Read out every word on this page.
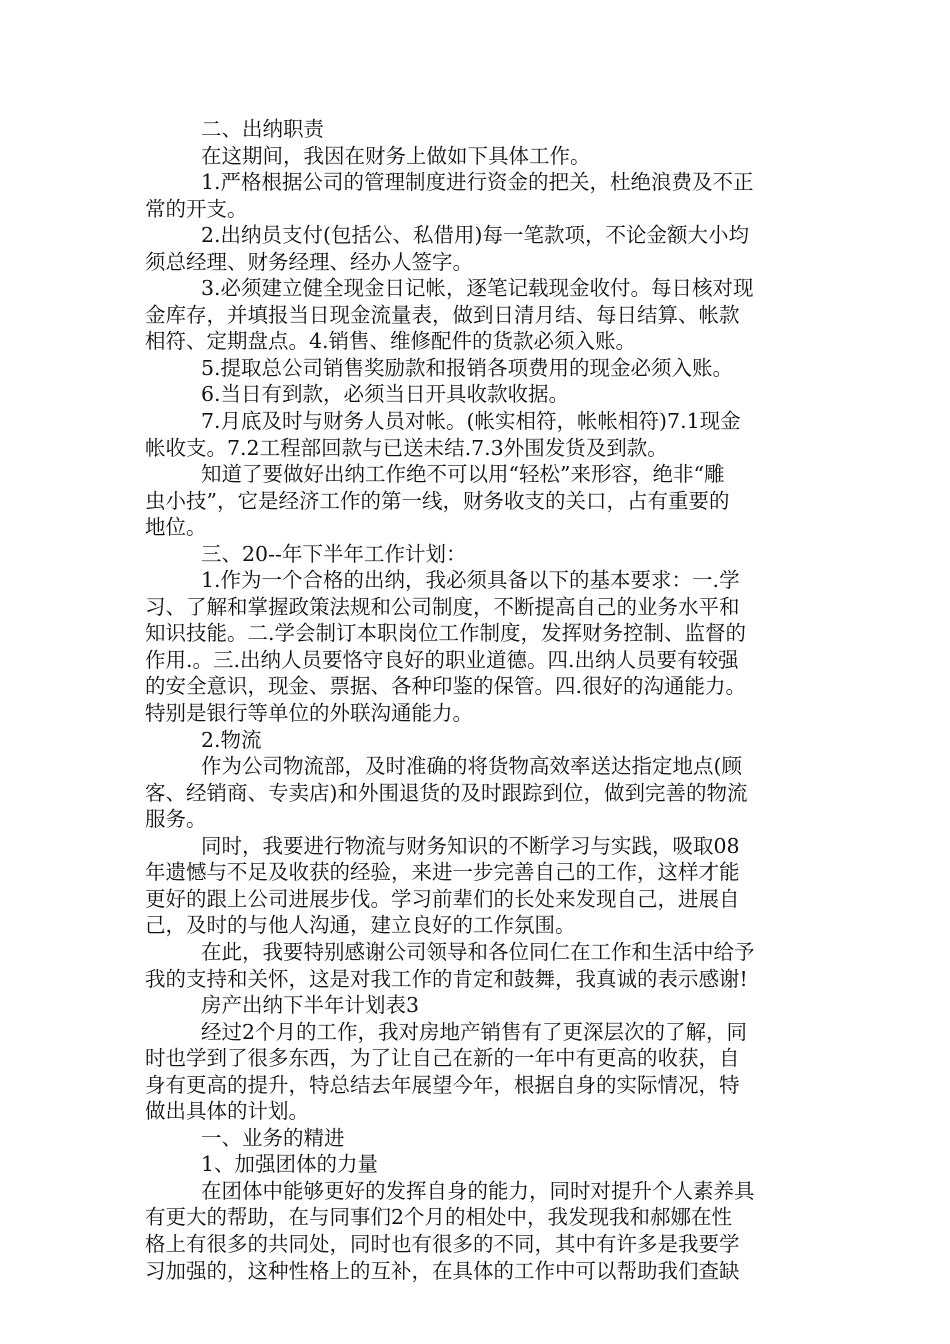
二、出纳职责
在这期间，我因在财务上做如下具体工作。
1.严格根据公司的管理制度进行资金的把关，杜绝浪费及不正
常的开支。
2.出纳员支付(包括公、私借用)每一笔款项，不论金额大小均
须总经理、财务经理、经办人签字。
3.必须建立健全现金日记帐，逐笔记载现金收付。每日核对现
金库存，并填报当日现金流量表，做到日清月结、每日结算、帐款
相符、定期盘点。4.销售、维修配件的货款必须入账。
5.提取总公司销售奖励款和报销各项费用的现金必须入账。
6.当日有到款，必须当日开具收款收据。
7.月底及时与财务人员对帐。(帐实相符，帐帐相符)7.1现金
帐收支。7.2工程部回款与已送未结.7.3外围发货及到款。
知道了要做好出纳工作绝不可以用“轻松”来形容，绝非“雕
虫小技”，它是经济工作的第一线，财务收支的关口，占有重要的
地位。
三、20--年下半年工作计划：
1.作为一个合格的出纳，我必须具备以下的基本要求：一.学
习、了解和掌握政策法规和公司制度，不断提高自己的业务水平和
知识技能。二.学会制订本职岗位工作制度，发挥财务控制、监督的
作用.。三.出纳人员要恪守良好的职业道德。四.出纳人员要有较强
的安全意识，现金、票据、各种印鉴的保管。四.很好的沟通能力。
特别是银行等单位的外联沟通能力。
2.物流
作为公司物流部，及时准确的将货物高效率送达指定地点(顾
客、经销商、专卖店)和外围退货的及时跟踪到位，做到完善的物流
服务。
同时，我要进行物流与财务知识的不断学习与实践，吸取08
年遗憾与不足及收获的经验，来进一步完善自己的工作，这样才能
更好的跟上公司进展步伐。学习前辈们的长处来发现自己，进展自
己，及时的与他人沟通，建立良好的工作氛围。
在此，我要特别感谢公司领导和各位同仁在工作和生活中给予
我的支持和关怀，这是对我工作的肯定和鼓舞，我真诚的表示感谢!
房产出纳下半年计划表3
经过2个月的工作，我对房地产销售有了更深层次的了解，同
时也学到了很多东西，为了让自己在新的一年中有更高的收获，自
身有更高的提升，特总结去年展望今年，根据自身的实际情况，特
做出具体的计划。
一、业务的精进
1、加强团体的力量
在团体中能够更好的发挥自身的能力，同时对提升个人素养具
有更大的帮助，在与同事们2个月的相处中，我发现我和郝娜在性
格上有很多的共同处，同时也有很多的不同，其中有许多是我要学
习加强的，这种性格上的互补，在具体的工作中可以帮助我们查缺
